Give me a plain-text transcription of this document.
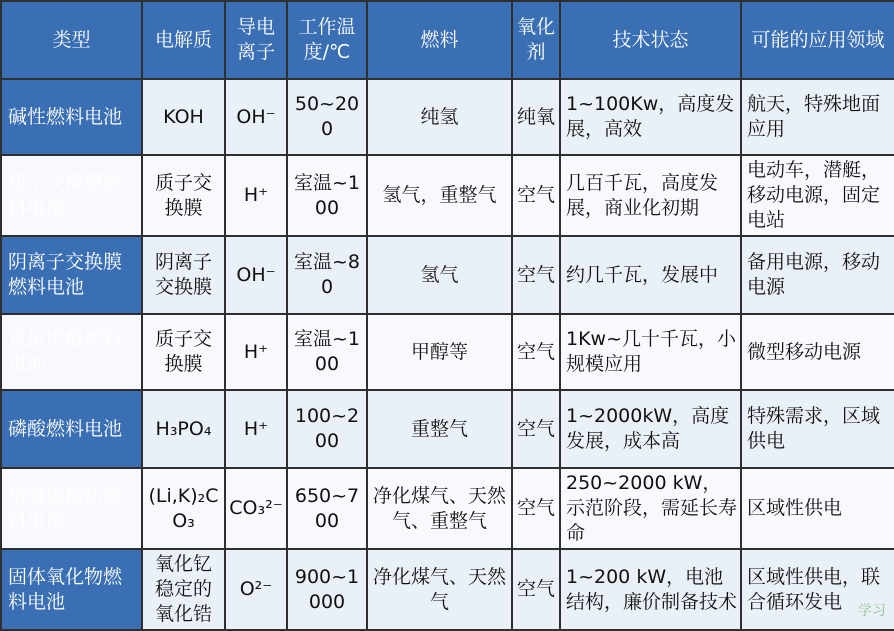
类型	电解质	导电离子	工作温度/℃	燃料	氧化剂	技术状态	可能的应用领域
碱性燃料电池	KOH	OH⁻	50~200	纯氢	纯氧	1~100Kw，高度发展，高效	航天，特殊地面应用
质子交换膜燃料电池	质子交换膜	H⁺	室温~100	氢气，重整气	空气	几百千瓦，高度发展，商业化初期	电动车，潜艇，移动电源，固定电站
阴离子交换膜燃料电池	阴离子交换膜	OH⁻	室温~80	氢气	空气	约几千瓦，发展中	备用电源，移动电源
直接甲醇燃料电池	质子交换膜	H⁺	室温~100	甲醇等	空气	1Kw~几十千瓦，小规模应用	微型移动电源
磷酸燃料电池	H₃PO₄	H⁺	100~200	重整气	空气	1~2000kW，高度发展，成本高	特殊需求，区域供电
熔融碳酸盐燃料电池	(Li,K)₂CO₃	CO₃²⁻	650~700	净化煤气、天然气、重整气	空气	250~2000 kW，示范阶段，需延长寿命	区域性供电
固体氧化物燃料电池	氧化钇稳定的氧化锆	O²⁻	900~1000	净化煤气、天然气	空气	1~200 kW，电池结构，廉价制备技术	区域性供电，联合循环发电
学习
